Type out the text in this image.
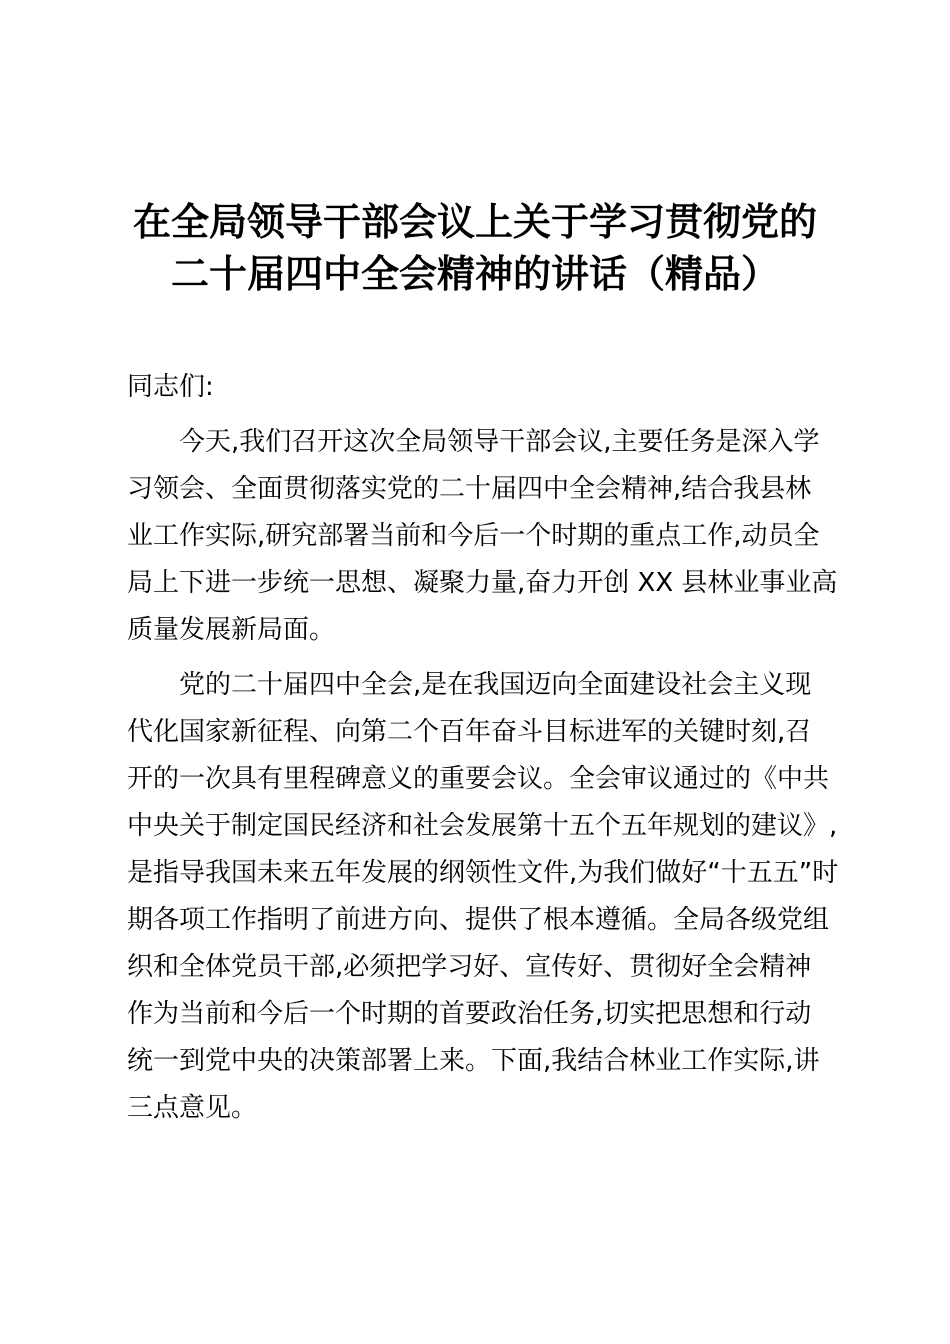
在全局领导干部会议上关于学习贯彻党的
二十届四中全会精神的讲话（精品）
同志们:
今天,我们召开这次全局领导干部会议,主要任务是深入学
习领会、全面贯彻落实党的二十届四中全会精神,结合我县林
业工作实际,研究部署当前和今后一个时期的重点工作,动员全
局上下进一步统一思想、凝聚力量,奋力开创 XX 县林业事业高
质量发展新局面。
党的二十届四中全会,是在我国迈向全面建设社会主义现
代化国家新征程、向第二个百年奋斗目标进军的关键时刻,召
开的一次具有里程碑意义的重要会议。全会审议通过的《中共
中央关于制定国民经济和社会发展第十五个五年规划的建议》,
是指导我国未来五年发展的纲领性文件,为我们做好“十五五”时
期各项工作指明了前进方向、提供了根本遵循。全局各级党组
织和全体党员干部,必须把学习好、宣传好、贯彻好全会精神
作为当前和今后一个时期的首要政治任务,切实把思想和行动
统一到党中央的决策部署上来。下面,我结合林业工作实际,讲
三点意见。
